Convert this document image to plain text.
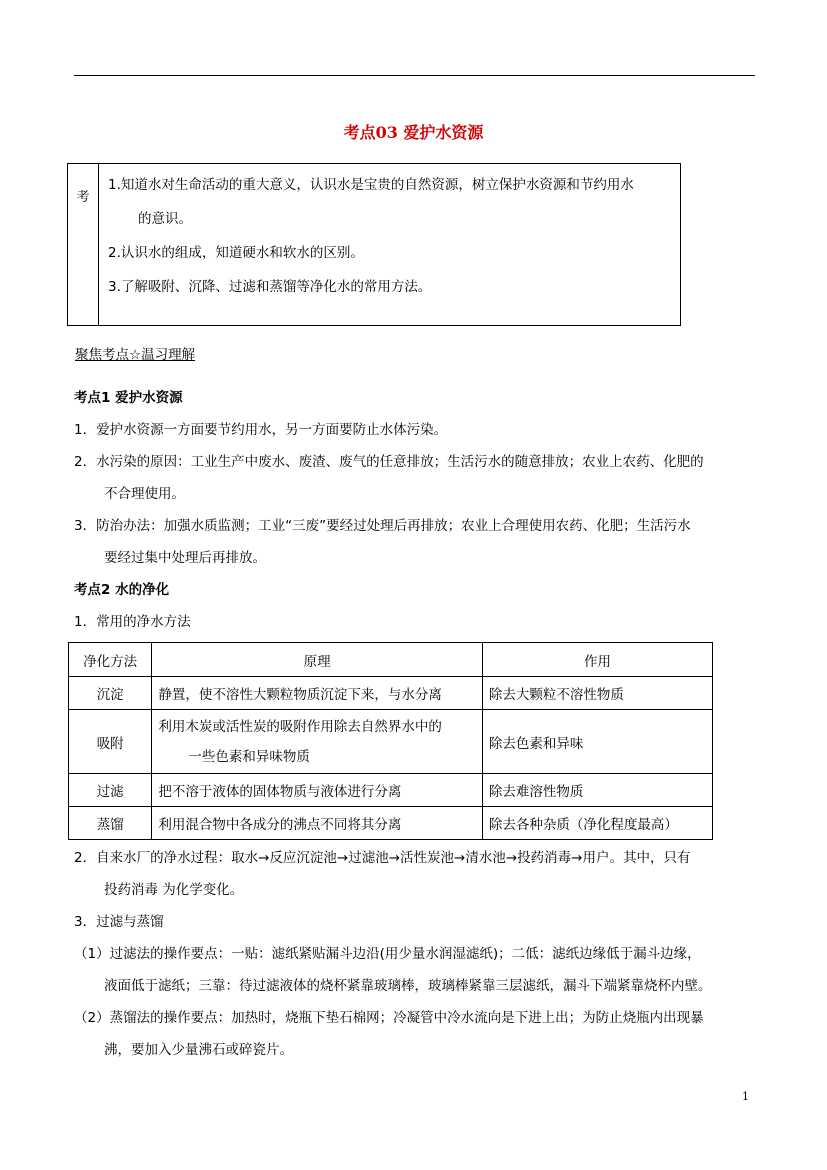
考点03 爱护水资源
考
1.知道水对生命活动的重大意义，认识水是宝贵的自然资源，树立保护水资源和节约用水
的意识。
2.认识水的组成，知道硬水和软水的区别。
3.了解吸附、沉降、过滤和蒸馏等净化水的常用方法。
聚焦考点☆温习理解
考点1 爱护水资源
1．爱护水资源一方面要节约用水，另一方面要防止水体污染。
2．水污染的原因：工业生产中废水、废渣、废气的任意排放；生活污水的随意排放；农业上农药、化肥的
不合理使用。
3．防治办法：加强水质监测；工业“三废”要经过处理后再排放；农业上合理使用农药、化肥；生活污水
要经过集中处理后再排放。
考点2 水的净化
1．常用的净水方法
净化方法	原理	作用
沉淀	静置，使不溶性大颗粒物质沉淀下来，与水分离	除去大颗粒不溶性物质
吸附	利用木炭或活性炭的吸附作用除去自然界水中的
一些色素和异味物质	除去色素和异味
过滤	把不溶于液体的固体物质与液体进行分离	除去难溶性物质
蒸馏	利用混合物中各成分的沸点不同将其分离	除去各种杂质（净化程度最高）
2．自来水厂的净水过程：取水→反应沉淀池→过滤池→活性炭池→清水池→投药消毒→用户。其中，只有
投药消毒 为化学变化。
3．过滤与蒸馏
（1）过滤法的操作要点：一贴：滤纸紧贴漏斗边沿(用少量水润湿滤纸)；二低：滤纸边缘低于漏斗边缘，
液面低于滤纸；三靠：待过滤液体的烧杯紧靠玻璃棒，玻璃棒紧靠三层滤纸，漏斗下端紧靠烧杯内壁。
（2）蒸馏法的操作要点：加热时，烧瓶下垫石棉网；冷凝管中冷水流向是下进上出；为防止烧瓶内出现暴
沸，要加入少量沸石或碎瓷片。
1
